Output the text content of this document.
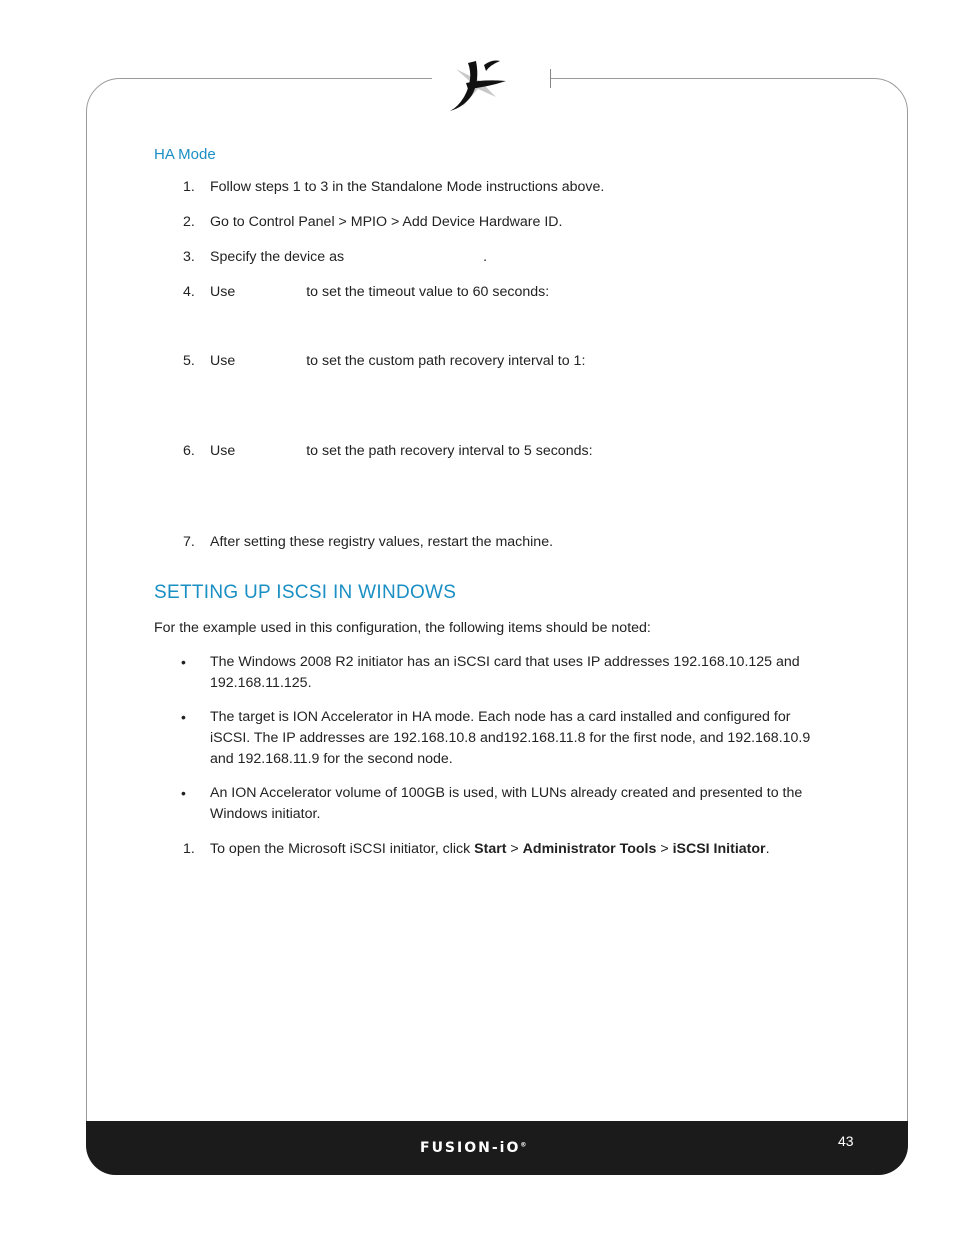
HA Mode
1.	Follow steps 1 to 3 in the Standalone Mode instructions above.
2.	Go to Control Panel > MPIO > Add Device Hardware ID.
3.	Specify the device as	.
4.	Use	to set the timeout value to 60 seconds:
5.	Use	to set the custom path recovery interval to 1:
6.	Use	to set the path recovery interval to 5 seconds:
7.	After setting these registry values, restart the machine.
SETTING UP ISCSI IN WINDOWS
For the example used in this configuration, the following items should be noted:
• The Windows 2008 R2 initiator has an iSCSI card that uses IP addresses 192.168.10.125 and 192.168.11.125.
• The target is ION Accelerator in HA mode. Each node has a card installed and configured for iSCSI. The IP addresses are 192.168.10.8 and192.168.11.8 for the first node, and 192.168.10.9 and 192.168.11.9 for the second node.
• An ION Accelerator volume of 100GB is used, with LUNs already created and presented to the Windows initiator.
1.	To open the Microsoft iSCSI initiator, click Start > Administrator Tools > iSCSI Initiator.
FUSION-iO®	43
